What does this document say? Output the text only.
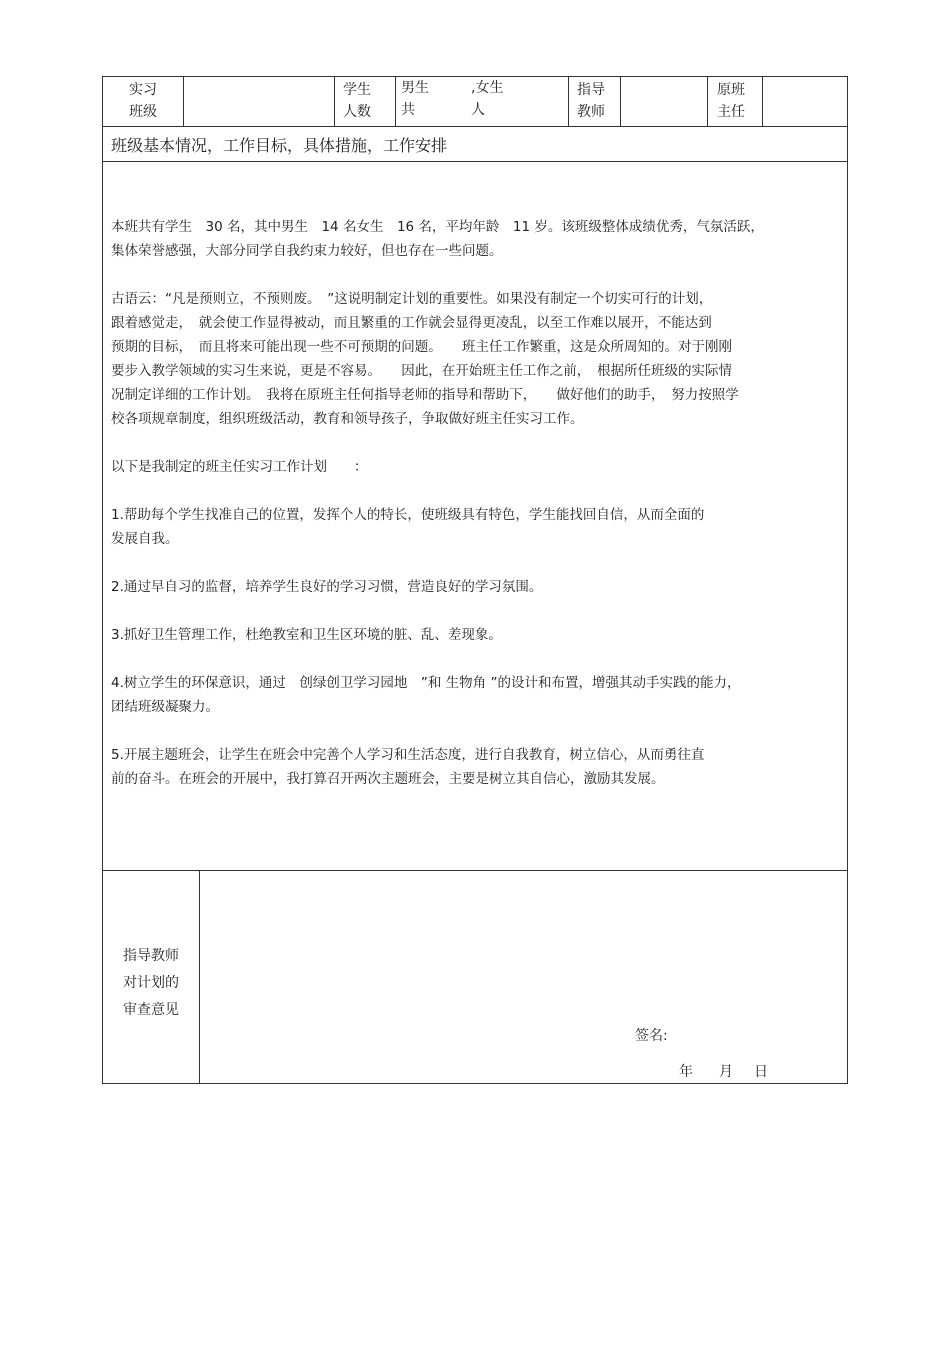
实习
班级
学生
人数
男生　　　,女生
共　　　　人
指导
教师
原班
主任
班级基本情况，工作目标，具体措施，工作安排

本班共有学生　30 名，其中男生　14 名女生　16 名，平均年龄　11 岁。该班级整体成绩优秀，气氛活跃，
集体荣誉感强，大部分同学自我约束力较好，但也存在一些问题。

古语云：“凡是预则立，不预则废。　”这说明制定计划的重要性。如果没有制定一个切实可行的计划，
跟着感觉走，　就会使工作显得被动，而且繁重的工作就会显得更凌乱，以至工作难以展开，不能达到
预期的目标，　而且将来可能出现一些不可预期的问题。　　班主任工作繁重，这是众所周知的。对于刚刚
要步入教学领域的实习生来说，更是不容易。　　因此，在开始班主任工作之前，　根据所任班级的实际情
况制定详细的工作计划。　我将在原班主任何指导老师的指导和帮助下，　　做好他们的助手，　努力按照学
校各项规章制度，组织班级活动，教育和领导孩子，争取做好班主任实习工作。

以下是我制定的班主任实习工作计划　　：

1.帮助每个学生找准自己的位置，发挥个人的特长，使班级具有特色，学生能找回自信，从而全面的
发展自我。

2.通过早自习的监督，培养学生良好的学习习惯，营造良好的学习氛围。

3.抓好卫生管理工作，杜绝教室和卫生区环境的脏、乱、差现象。

4.树立学生的环保意识，通过　创绿创卫学习园地　”和 生物角 ”的设计和布置，增强其动手实践的能力，
团结班级凝聚力。

5.开展主题班会，让学生在班会中完善个人学习和生活态度，进行自我教育，树立信心，从而勇往直
前的奋斗。在班会的开展中，我打算召开两次主题班会，主要是树立其自信心，激励其发展。

指导教师
对计划的
审查意见
签名:
年 月 日
